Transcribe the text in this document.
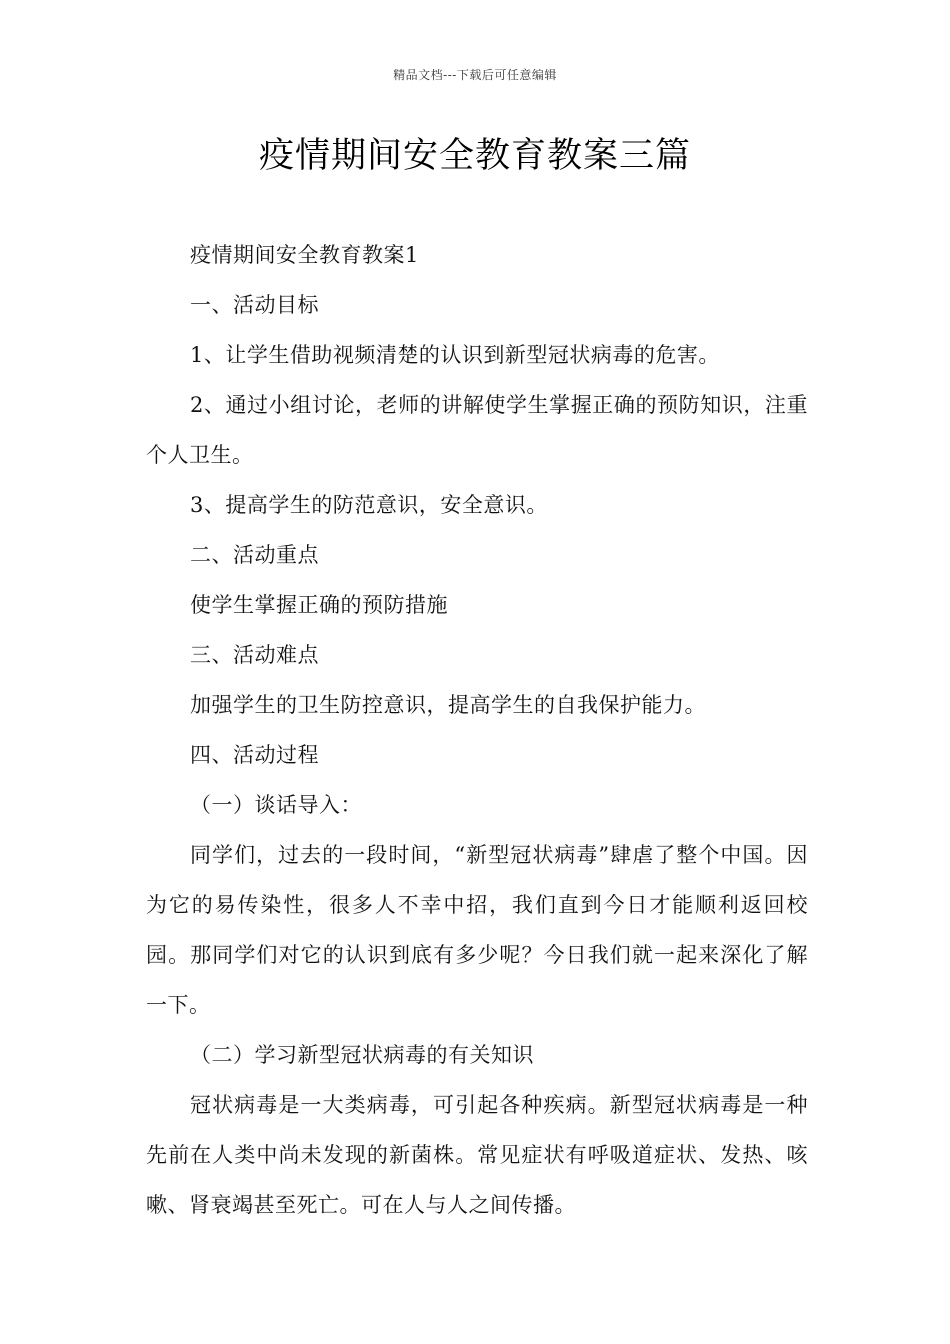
精品文档---下载后可任意编辑
疫情期间安全教育教案三篇

疫情期间安全教育教案1

一、活动目标

1、让学生借助视频清楚的认识到新型冠状病毒的危害。

2、通过小组讨论，老师的讲解使学生掌握正确的预防知识，注重个人卫生。

3、提高学生的防范意识，安全意识。

二、活动重点

使学生掌握正确的预防措施

三、活动难点

加强学生的卫生防控意识，提高学生的自我保护能力。

四、活动过程

（一）谈话导入：

同学们，过去的一段时间，“新型冠状病毒”肆虐了整个中国。因为它的易传染性，很多人不幸中招，我们直到今日才能顺利返回校园。那同学们对它的认识到底有多少呢？今日我们就一起来深化了解一下。

（二）学习新型冠状病毒的有关知识

冠状病毒是一大类病毒，可引起各种疾病。新型冠状病毒是一种先前在人类中尚未发现的新菌株。常见症状有呼吸道症状、发热、咳嗽、肾衰竭甚至死亡。可在人与人之间传播。
